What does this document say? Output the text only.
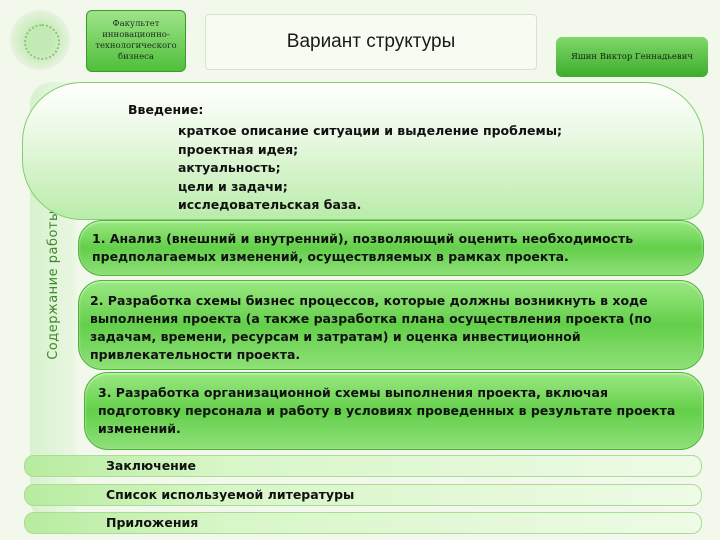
Факультет инновационно-технологического бизнеса
Вариант структуры
Яшин Виктор Геннадьевич
Содержание работы
Введение:
краткое описание ситуации и выделение проблемы;
проектная идея;
актуальность;
цели и задачи;
исследовательская база.
1. Анализ (внешний и внутренний), позволяющий оценить необходимость предполагаемых изменений, осуществляемых в рамках проекта.
2. Разработка схемы бизнес процессов, которые должны возникнуть в ходе выполнения проекта (а также разработка плана осуществления проекта (по задачам, времени, ресурсам и затратам) и оценка инвестиционной привлекательности проекта.
3. Разработка организационной схемы выполнения проекта, включая подготовку персонала и работу в условиях проведенных в результате проекта изменений.
Заключение
Список используемой литературы
Приложения
